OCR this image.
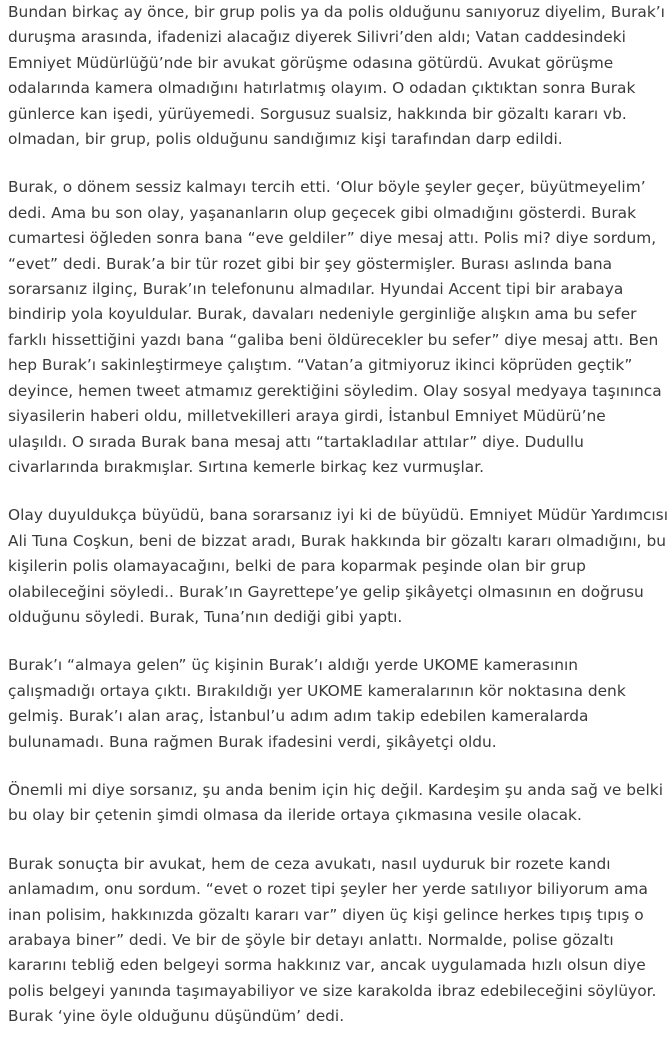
Bundan birkaç ay önce, bir grup polis ya da polis olduğunu sanıyoruz diyelim, Burak’ı
duruşma arasında, ifadenizi alacağız diyerek Silivri’den aldı; Vatan caddesindeki
Emniyet Müdürlüğü’nde bir avukat görüşme odasına götürdü. Avukat görüşme
odalarında kamera olmadığını hatırlatmış olayım. O odadan çıktıktan sonra Burak
günlerce kan işedi, yürüyemedi. Sorgusuz sualsiz, hakkında bir gözaltı kararı vb.
olmadan, bir grup, polis olduğunu sandığımız kişi tarafından darp edildi.

Burak, o dönem sessiz kalmayı tercih etti. ‘Olur böyle şeyler geçer, büyütmeyelim’
dedi. Ama bu son olay, yaşananların olup geçecek gibi olmadığını gösterdi. Burak
cumartesi öğleden sonra bana “eve geldiler” diye mesaj attı. Polis mi? diye sordum,
“evet” dedi. Burak’a bir tür rozet gibi bir şey göstermişler. Burası aslında bana
sorarsanız ilginç, Burak’ın telefonunu almadılar. Hyundai Accent tipi bir arabaya
bindirip yola koyuldular. Burak, davaları nedeniyle gerginliğe alışkın ama bu sefer
farklı hissettiğini yazdı bana “galiba beni öldürecekler bu sefer” diye mesaj attı. Ben
hep Burak’ı sakinleştirmeye çalıştım. “Vatan’a gitmiyoruz ikinci köprüden geçtik”
deyince, hemen tweet atmamız gerektiğini söyledim. Olay sosyal medyaya taşınınca
siyasilerin haberi oldu, milletvekilleri araya girdi, İstanbul Emniyet Müdürü’ne
ulaşıldı. O sırada Burak bana mesaj attı “tartakladılar attılar” diye. Dudullu
civarlarında bırakmışlar. Sırtına kemerle birkaç kez vurmuşlar.

Olay duyuldukça büyüdü, bana sorarsanız iyi ki de büyüdü. Emniyet Müdür Yardımcısı
Ali Tuna Coşkun, beni de bizzat aradı, Burak hakkında bir gözaltı kararı olmadığını, bu
kişilerin polis olamayacağını, belki de para koparmak peşinde olan bir grup
olabileceğini söyledi.. Burak’ın Gayrettepe’ye gelip şikâyetçi olmasının en doğrusu
olduğunu söyledi. Burak, Tuna’nın dediği gibi yaptı.

Burak’ı “almaya gelen” üç kişinin Burak’ı aldığı yerde UKOME kamerasının
çalışmadığı ortaya çıktı. Bırakıldığı yer UKOME kameralarının kör noktasına denk
gelmiş. Burak’ı alan araç, İstanbul’u adım adım takip edebilen kameralarda
bulunamadı. Buna rağmen Burak ifadesini verdi, şikâyetçi oldu.

Önemli mi diye sorsanız, şu anda benim için hiç değil. Kardeşim şu anda sağ ve belki
bu olay bir çetenin şimdi olmasa da ileride ortaya çıkmasına vesile olacak.

Burak sonuçta bir avukat, hem de ceza avukatı, nasıl uyduruk bir rozete kandı
anlamadım, onu sordum. “evet o rozet tipi şeyler her yerde satılıyor biliyorum ama
inan polisim, hakkınızda gözaltı kararı var” diyen üç kişi gelince herkes tıpış tıpış o
arabaya biner” dedi. Ve bir de şöyle bir detayı anlattı. Normalde, polise gözaltı
kararını tebliğ eden belgeyi sorma hakkınız var, ancak uygulamada hızlı olsun diye
polis belgeyi yanında taşımayabiliyor ve size karakolda ibraz edebileceğini söylüyor.
Burak ‘yine öyle olduğunu düşündüm’ dedi.
